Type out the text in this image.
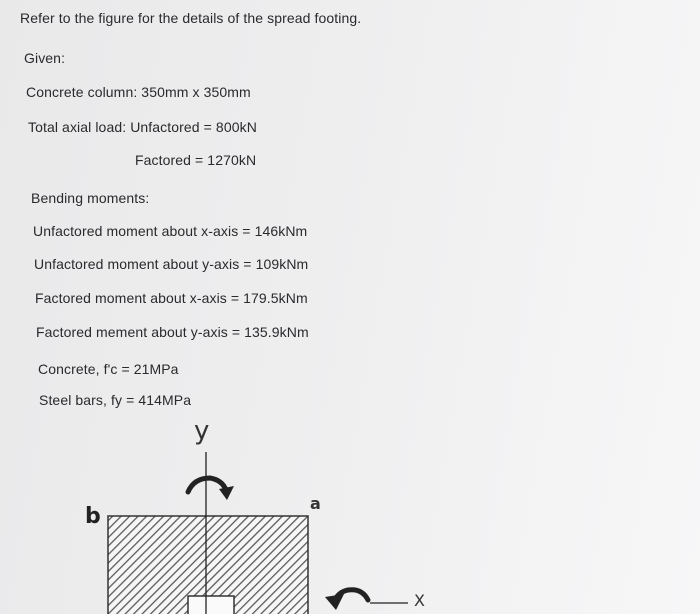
Refer to the figure for the details of the spread footing.
Given:
Concrete column: 350mm x 350mm
Total axial load: Unfactored = 800kN
Factored = 1270kN
Bending moments:
Unfactored moment about x-axis = 146kNm
Unfactored moment about y-axis = 109kNm
Factored moment about x-axis = 179.5kNm
Factored mement about y-axis = 135.9kNm
Concrete, f'c = 21MPa
Steel bars, fy = 414MPa
y
b
a
X
